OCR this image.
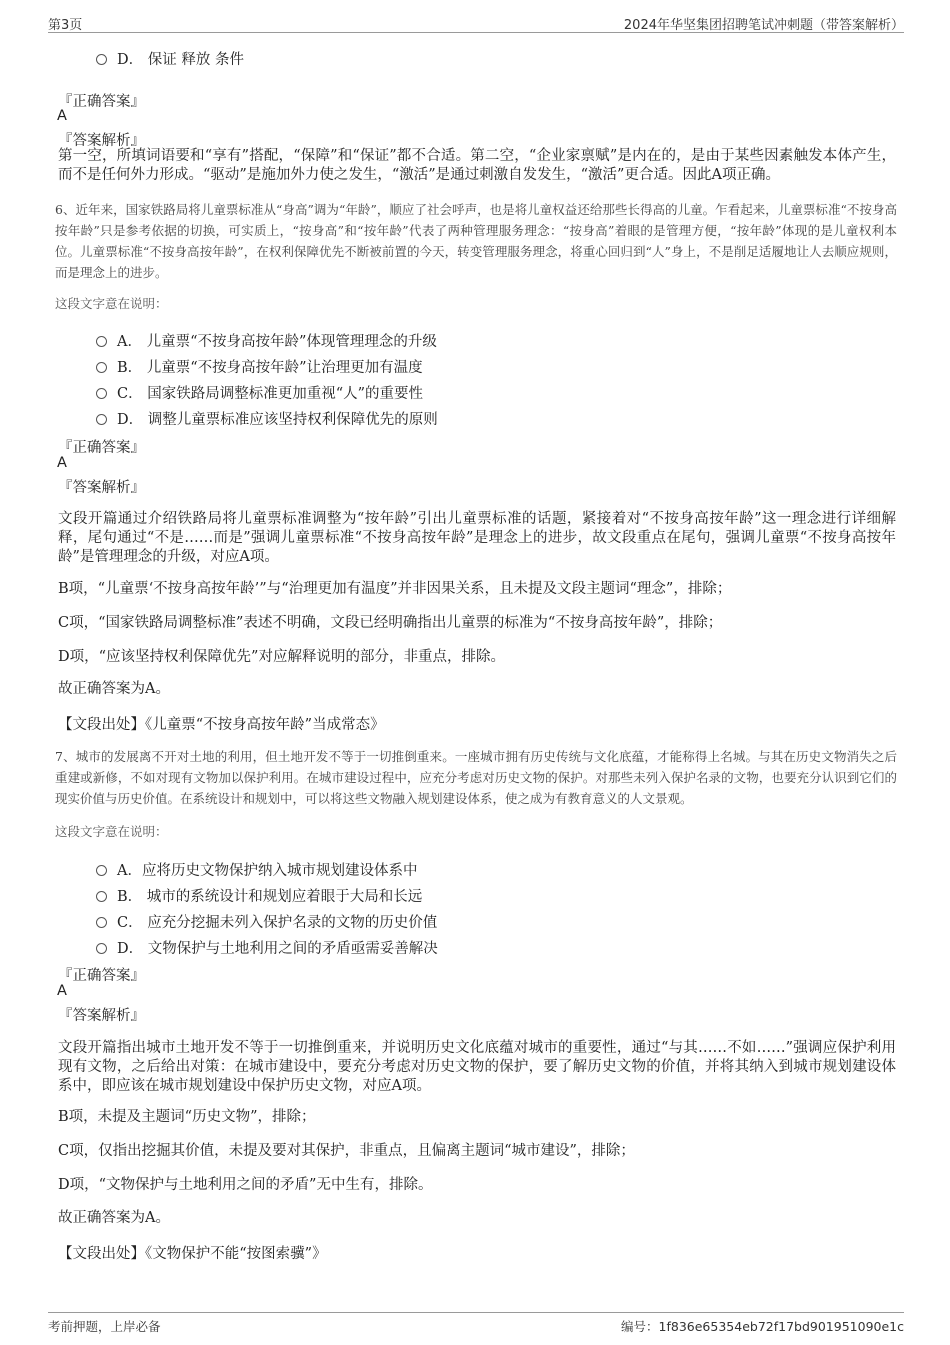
第3页	2024年华坚集团招聘笔试冲刺题（带答案解析）
D． 保证 释放 条件
『正确答案』
A
『答案解析』
第一空，所填词语要和“享有”搭配，“保障”和“保证”都不合适。第二空，“企业家禀赋”是内在的，是由于某些因素触发本体产生，而不是任何外力形成。“驱动”是施加外力使之发生，“激活”是通过刺激自发发生，“激活”更合适。因此A项正确。
6、近年来，国家铁路局将儿童票标准从“身高”调为“年龄”，顺应了社会呼声，也是将儿童权益还给那些长得高的儿童。乍看起来，儿童票标准“不按身高按年龄”只是参考依据的切换，可实质上，“按身高”和“按年龄”代表了两种管理服务理念：“按身高”着眼的是管理方便，“按年龄”体现的是儿童权利本位。儿童票标准“不按身高按年龄”，在权利保障优先不断被前置的今天，转变管理服务理念，将重心回归到“人”身上，不是削足适履地让人去顺应规则，而是理念上的进步。
这段文字意在说明：
A． 儿童票“不按身高按年龄”体现管理理念的升级
B． 儿童票“不按身高按年龄”让治理更加有温度
C． 国家铁路局调整标准更加重视“人”的重要性
D． 调整儿童票标准应该坚持权利保障优先的原则
『正确答案』
A
『答案解析』
文段开篇通过介绍铁路局将儿童票标准调整为“按年龄”引出儿童票标准的话题，紧接着对“不按身高按年龄”这一理念进行详细解释，尾句通过“不是……而是”强调儿童票标准“不按身高按年龄”是理念上的进步，故文段重点在尾句，强调儿童票“不按身高按年龄”是管理理念的升级，对应A项。
B项，“儿童票‘不按身高按年龄’”与“治理更加有温度”并非因果关系，且未提及文段主题词“理念”，排除；
C项，“国家铁路局调整标准”表述不明确，文段已经明确指出儿童票的标准为“不按身高按年龄”，排除；
D项，“应该坚持权利保障优先”对应解释说明的部分，非重点，排除。
故正确答案为A。
【文段出处】《儿童票“不按身高按年龄”当成常态》
7、城市的发展离不开对土地的利用，但土地开发不等于一切推倒重来。一座城市拥有历史传统与文化底蕴，才能称得上名城。与其在历史文物消失之后重建或新修，不如对现有文物加以保护利用。在城市建设过程中，应充分考虑对历史文物的保护。对那些未列入保护名录的文物，也要充分认识到它们的现实价值与历史价值。在系统设计和规划中，可以将这些文物融入规划建设体系，使之成为有教育意义的人文景观。
这段文字意在说明：
A．应将历史文物保护纳入城市规划建设体系中
B． 城市的系统设计和规划应着眼于大局和长远
C． 应充分挖掘未列入保护名录的文物的历史价值
D． 文物保护与土地利用之间的矛盾亟需妥善解决
『正确答案』
A
『答案解析』
文段开篇指出城市土地开发不等于一切推倒重来，并说明历史文化底蕴对城市的重要性，通过“与其……不如……”强调应保护利用现有文物，之后给出对策：在城市建设中，要充分考虑对历史文物的保护，要了解历史文物的价值，并将其纳入到城市规划建设体系中，即应该在城市规划建设中保护历史文物，对应A项。
B项，未提及主题词“历史文物”，排除；
C项，仅指出挖掘其价值，未提及要对其保护，非重点，且偏离主题词“城市建设”，排除；
D项，“文物保护与土地利用之间的矛盾”无中生有，排除。
故正确答案为A。
【文段出处】《文物保护不能“按图索骥”》
考前押题，上岸必备	编号：1f836e65354eb72f17bd901951090e1c
